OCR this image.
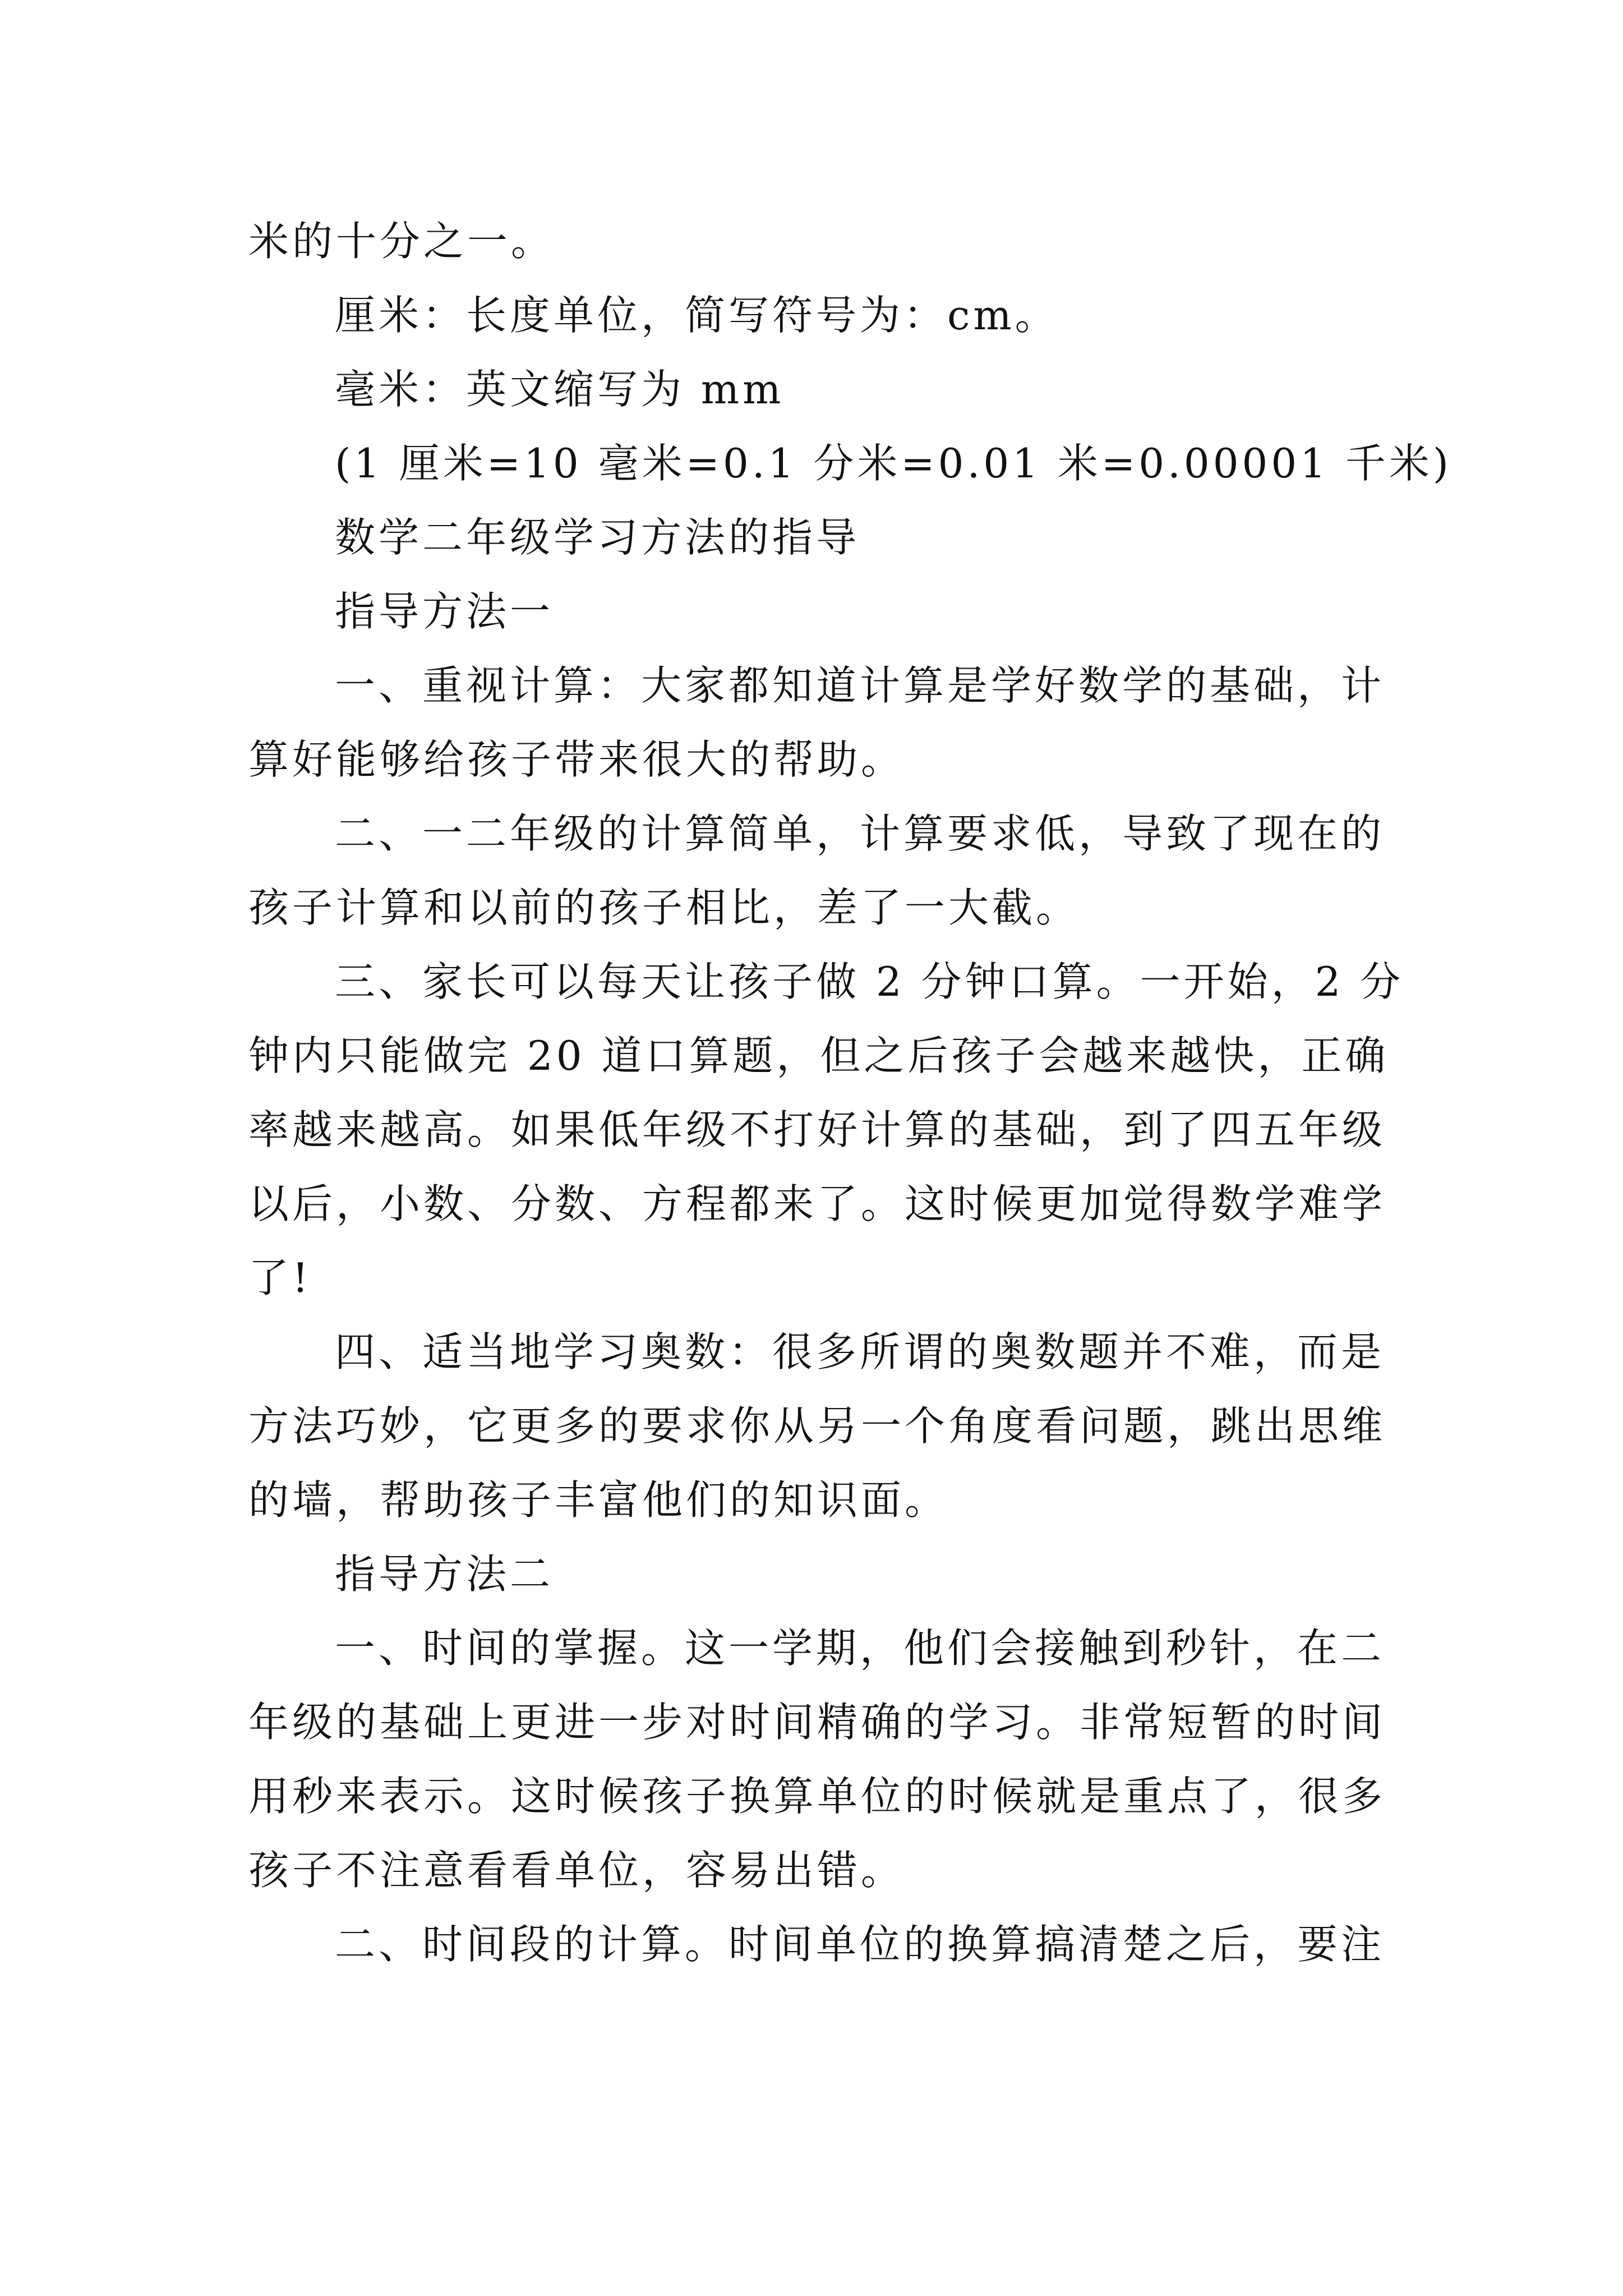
米的十分之一。
厘米：长度单位，简写符号为：cm。
毫米：英文缩写为 mm
(1 厘米=10 毫米=0.1 分米=0.01 米=0.00001 千米)
数学二年级学习方法的指导
指导方法一
一、重视计算：大家都知道计算是学好数学的基础，计
算好能够给孩子带来很大的帮助。
二、一二年级的计算简单，计算要求低，导致了现在的
孩子计算和以前的孩子相比，差了一大截。
三、家长可以每天让孩子做 2 分钟口算。一开始，2 分
钟内只能做完 20 道口算题，但之后孩子会越来越快，正确
率越来越高。如果低年级不打好计算的基础，到了四五年级
以后，小数、分数、方程都来了。这时候更加觉得数学难学
了!
四、适当地学习奥数：很多所谓的奥数题并不难，而是
方法巧妙，它更多的要求你从另一个角度看问题，跳出思维
的墙，帮助孩子丰富他们的知识面。
指导方法二
一、时间的掌握。这一学期，他们会接触到秒针，在二
年级的基础上更进一步对时间精确的学习。非常短暂的时间
用秒来表示。这时候孩子换算单位的时候就是重点了，很多
孩子不注意看看单位，容易出错。
二、时间段的计算。时间单位的换算搞清楚之后，要注
